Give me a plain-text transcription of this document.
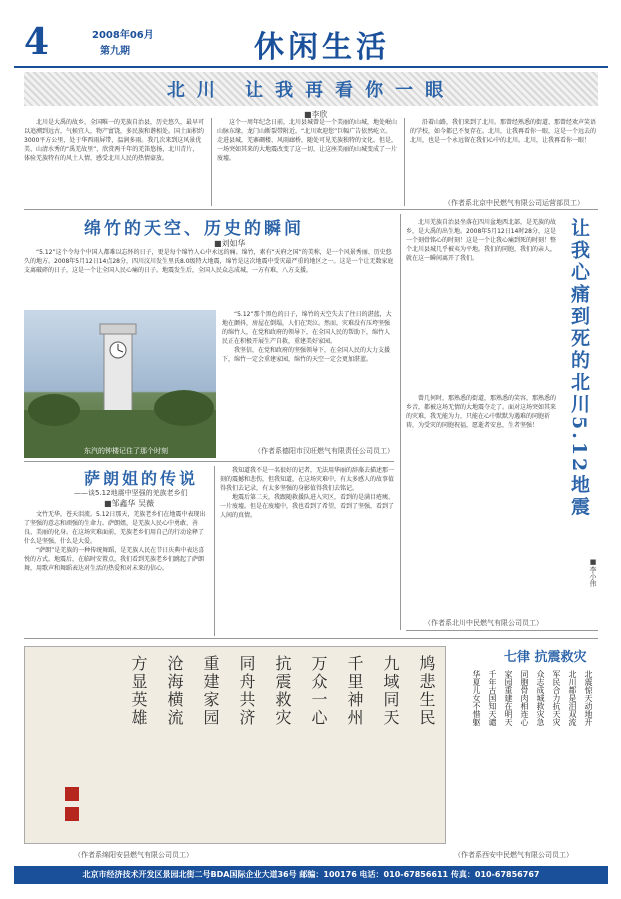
4	2008年06月
第九期	休闲生活
北川 让我再看你一眼
■李欣

北川是大禹的故乡，全国唯一的羌族自治县，历史悠久，最早可以追溯到远古，气候宜人，物产富饶，多民族和谐相处。国土面积约3000平方公里，处于华西雨屏带，温润多雨。我几次来到这风景优美、山清水秀的“禹羌故里”，欣赏两千年的羌笛悠扬，北川青片，体验羌族特有的风土人情，感受北川人民的热情豪放。

这个一周年纪念日前，北川县城曾是一个美丽的山城，地处岷山山脉东缘，龙门山断裂带附近。“北川欢迎您”巨幅广告依然屹立。走进县城，羌寨碉楼、风雨廊桥，随处可见羌族独特的文化。但是，一场突如其来的大地震改变了这一切，让这座美丽的山城变成了一片废墟。

沿着山路，我们来到了北川。那曾经熟悉的街道、那曾经欢声笑语的学校，如今都已不复存在。北川，让我再看你一眼，这是一个远去的北川，也是一个永远留在我们心中的北川。北川，让我再看你一眼！

（作者系北京中民燃气有限公司运营部员工）
绵竹的天空、历史的瞬间
■刘如华

“5.12”这个令每个中国人都难以忘怀的日子，更是每个绵竹人心中永远的痛。绵竹，素有“天府之国”的美称，是一个风景秀丽、历史悠久的地方。2008年5月12日14点28分，四川汶川发生里氏8.0级特大地震，绵竹是这次地震中受灾最严重的地区之一。这是一个让无数家庭支离破碎的日子，这是一个让全国人民心痛的日子。地震发生后，全国人民众志成城，一方有难，八方支援。

东汽的钟楼记住了那个时刻

“5.12”那个黑色的日子，绵竹的天空失去了往日的湛蓝，大地在颤抖，房屋在倒塌，人们在哭泣。然而，灾难没有压垮坚强的绵竹人，在党和政府的领导下，在全国人民的帮助下，绵竹人民正在积极开展生产自救，重建美好家园。

我坚信，在党和政府的坚强领导下，在全国人民的大力支援下，绵竹一定会重建家园，绵竹的天空一定会更加湛蓝。

（作者系德阳市汉旺燃气有限责任公司员工）

北川羌族自治县坐落在四川盆地西北部，是羌族的故乡，是大禹的出生地。2008年5月12日14时28分，这是一个刻骨铭心的时刻！这是一个让我心痛到死的时刻！整个北川县城几乎被夷为平地。我们的同胞，我们的亲人，就在这一瞬间离开了我们。	让我心痛到死的北川5.12地震
■李小伟

曾几何时，那熟悉的街道，那熟悉的笑容，那熟悉的乡音，都被这场无情的大地震夺走了。面对这场突如其来的灾难，我无能为力，只能在心中默默为遇难的同胞祈祷，为受灾的同胞祝福，愿逝者安息，生者坚强！

（作者系北川中民燃气有限公司员工）
萨朗姐的传说
——谈5.12地震中坚强的羌族老乡们
■邹鑫华 吴薇

文竹无华，苍天泪流。5.12日那天，羌族老乡们在地震中表现出了坚强的意志和顽强的生命力。萨朗姐，是羌族人民心中勇敢、善良、美丽的化身。在这场灾难面前，羌族老乡们用自己的行动诠释了什么是坚强，什么是大爱。

“萨朗”是羌族的一种传统舞蹈，是羌族人民在节日庆典中表达喜悦的方式。地震后，在临时安置点，我们看到羌族老乡们跳起了萨朗舞，用歌声和舞蹈表达对生活的热爱和对未来的信心。

我知道我不是一名很好的记者，无法用华丽的辞藻去描述那一刻的震撼和悲伤，但我知道，在这场灾难中，有太多感人的故事值得我们去记录，有太多坚强的身影值得我们去铭记。

地震后第二天，我跟随救援队进入灾区，看到的是满目疮痍、一片废墟。但是在废墟中，我也看到了希望，看到了坚强，看到了人间的真情。

七律 抗震救灾
北震惊天动地开
北川都是泪双流
军民合力抗天灾
众志成城救灾急
同胞骨肉相连心
家园重建在明天
千年古国知天谴
华夏儿女不惜躯
（作者系西安中民燃气有限公司员工）
鸠悲生民
九域同天
千里神州
万众一心
抗震救灾
同舟共济
重建家园
沧海横流
方显英雄
（作者系绵阳安县燃气有限公司员工）
北京市经济技术开发区景园北街二号BDA国际企业大道36号 邮编：100176 电话：010-67856611 传真：010-67856767
